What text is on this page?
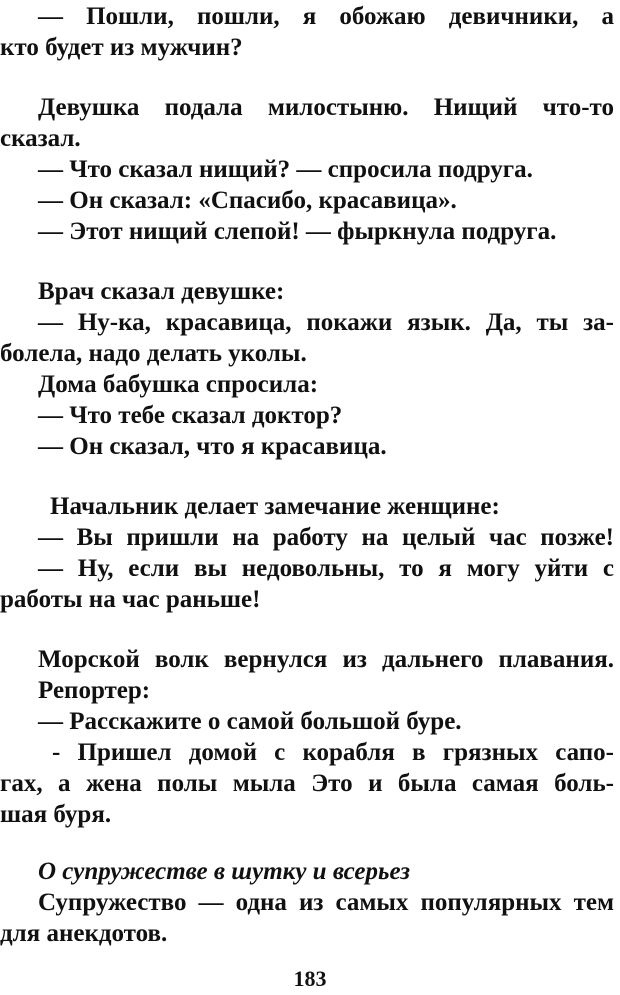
— Пошли, пошли, я обожаю девичники, а
кто будет из мужчин?
Девушка подала милостыню. Нищий что-то
сказал.
— Что сказал нищий? — спросила подруга.
— Он сказал: «Спасибо, красавица».
— Этот нищий слепой! — фыркнула подруга.
Врач сказал девушке:
— Ну-ка, красавица, покажи язык. Да, ты за-
болела, надо делать уколы.
Дома бабушка спросила:
— Что тебе сказал доктор?
— Он сказал, что я красавица.
Начальник делает замечание женщине:
— Вы пришли на работу на целый час позже!
— Ну, если вы недовольны, то я могу уйти с
работы на час раньше!
Морской волк вернулся из дальнего плавания.
Репортер:
— Расскажите о самой большой буре.
- Пришел домой с корабля в грязных сапо-
гах, а жена полы мыла Это и была самая боль-
шая буря.
О супружестве в шутку и всерьез
Супружество — одна из самых популярных тем
для анекдотов.
183
